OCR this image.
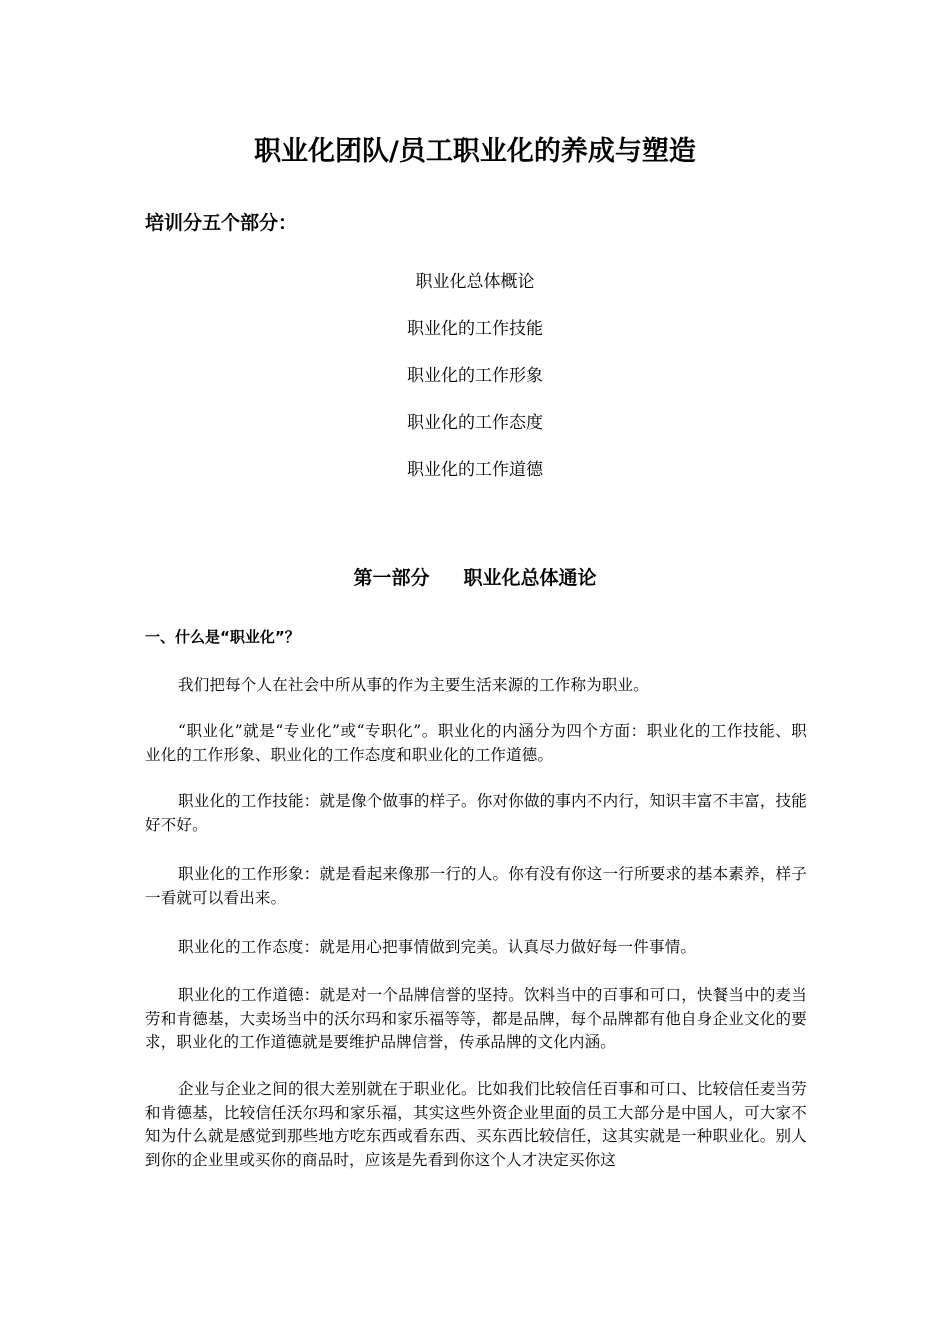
职业化团队/员工职业化的养成与塑造
培训分五个部分：
职业化总体概论
职业化的工作技能
职业化的工作形象
职业化的工作态度
职业化的工作道德
第一部分 职业化总体通论
一、什么是“职业化”？

我们把每个人在社会中所从事的作为主要生活来源的工作称为职业。

“职业化”就是“专业化”或“专职化”。职业化的内涵分为四个方面：职业化的工作技能、职业化的工作形象、职业化的工作态度和职业化的工作道德。

职业化的工作技能：就是像个做事的样子。你对你做的事内不内行，知识丰富不丰富，技能好不好。

职业化的工作形象：就是看起来像那一行的人。你有没有你这一行所要求的基本素养，样子一看就可以看出来。

职业化的工作态度：就是用心把事情做到完美。认真尽力做好每一件事情。

职业化的工作道德：就是对一个品牌信誉的坚持。饮料当中的百事和可口，快餐当中的麦当劳和肯德基，大卖场当中的沃尔玛和家乐福等等，都是品牌，每个品牌都有他自身企业文化的要求，职业化的工作道德就是要维护品牌信誉，传承品牌的文化内涵。

企业与企业之间的很大差别就在于职业化。比如我们比较信任百事和可口、比较信任麦当劳和肯德基，比较信任沃尔玛和家乐福，其实这些外资企业里面的员工大部分是中国人，可大家不知为什么就是感觉到那些地方吃东西或看东西、买东西比较信任，这其实就是一种职业化。别人到你的企业里或买你的商品时，应该是先看到你这个人才决定买你这
